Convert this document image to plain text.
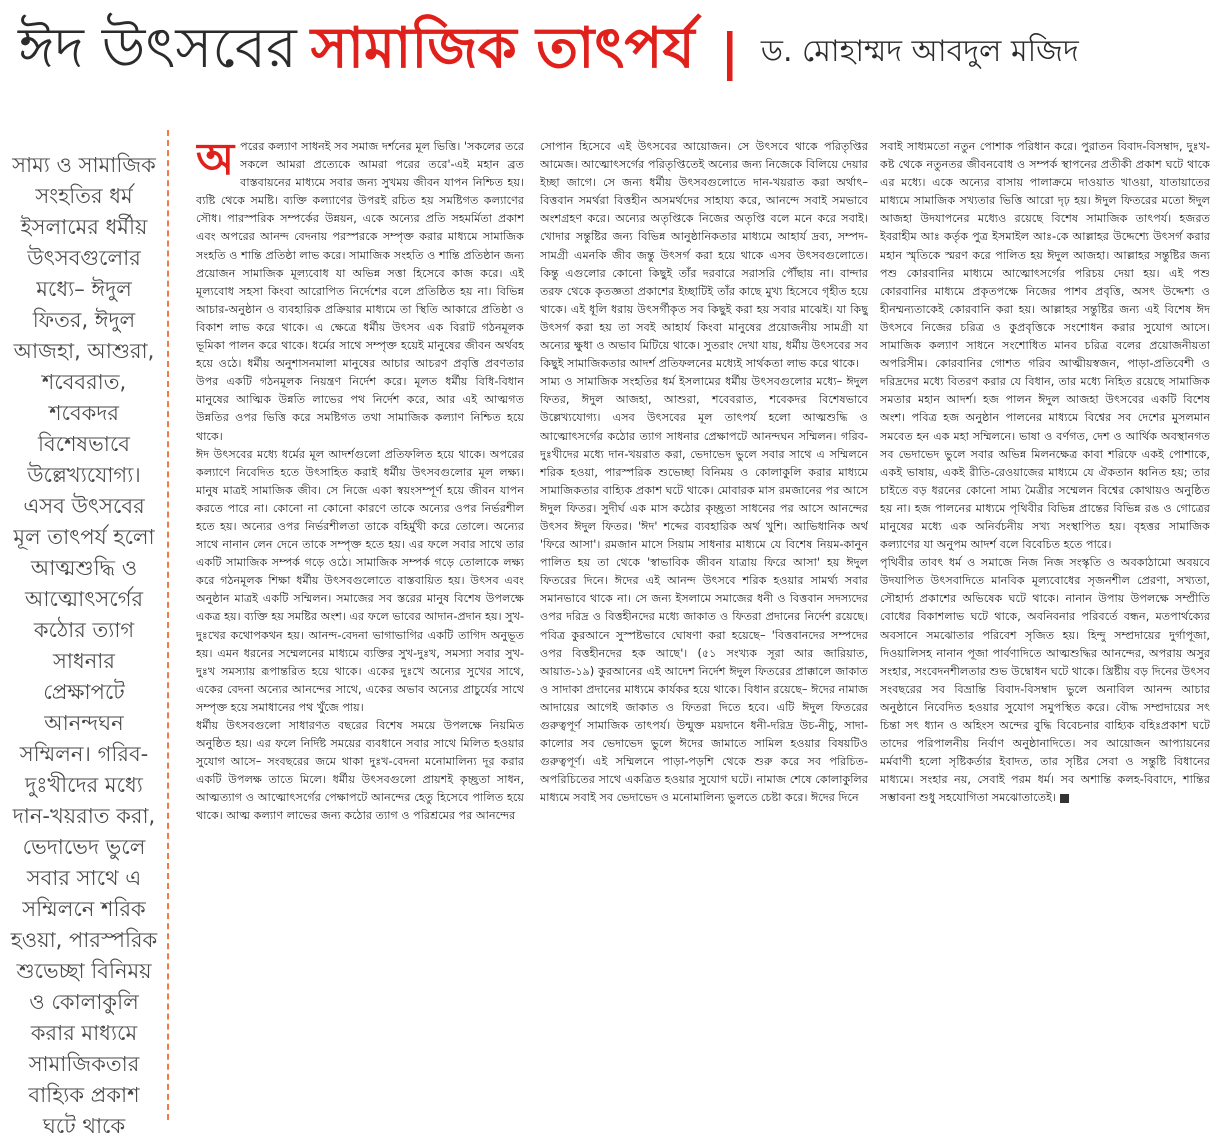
ঈদ উৎসবের সামাজিক তাৎপর্য | ড. মোহাম্মদ আবদুল মজিদ
সাম্য ও সামাজিক সংহতির ধর্ম ইসলামের ধর্মীয় উৎসবগুলোর মধ্যে– ঈদুল ফিতর, ঈদুল আজহা, আশুরা, শবেবরাত, শবেকদর বিশেষভাবে উল্লেখ্যযোগ্য। এসব উৎসবের মূল তাৎপর্য হলো আত্মশুদ্ধি ও আত্মোৎসর্গের কঠোর ত্যাগ সাধনার প্রেক্ষাপটে আনন্দঘন সম্মিলন। গরিব-দুঃখীদের মধ্যে দান-খয়রাত করা, ভেদাভেদ ভুলে সবার সাথে এ সম্মিলনে শরিক হওয়া, পারস্পরিক শুভেচ্ছা বিনিময় ও কোলাকুলি করার মাধ্যমে সামাজিকতার বাহ্যিক প্রকাশ ঘটে থাকে
অ পরের কল্যাণ সাধনই সব সমাজ দর্শনের মূল ভিত্তি। 'সকলের তরে সকলে আমরা প্রত্যেকে আমরা পরের তরে'-এই মহান ব্রত বাস্তবায়নের মাধ্যমে সবার জন্য সুখময় জীবন যাপন নিশ্চিত হয়। ব্যষ্টি থেকে সমষ্টি। ব্যক্তি কল্যাণের উপরই রচিত হয় সমষ্টিগত কল্যাণের সৌধ। পারস্পরিক সম্পর্কের উন্নয়ন, একে অন্যের প্রতি সহমর্মিতা প্রকাশ এবং অপরের আনন্দ বেদনায় পরস্পরকে সম্পৃক্ত করার মাধ্যমে সামাজিক সংহতি ও শান্তি প্রতিষ্ঠা লাভ করে। সামাজিক সংহতি ও শান্তি প্রতিষ্ঠান জন্য প্রয়োজন সামাজিক মূল্যবোধ যা অভিন্ন সত্তা হিসেবে কাজ করে। এই মূল্যবোধ সহসা কিংবা আরোপিত নির্দেশের বলে প্রতিষ্ঠিত হয় না। বিভিন্ন আচার-অনুষ্ঠান ও ব্যবহারিক প্রক্রিয়ার মাধ্যমে তা স্থিতি আকারে প্রতিষ্ঠা ও বিকাশ লাভ করে থাকে। এ ক্ষেত্রে ধর্মীয় উৎসব এক বিরাট গঠনমূলক ভূমিকা পালন করে থাকে। ধর্মের সাথে সম্পৃক্ত হয়েই মানুষের জীবন অর্থবহ হয়ে ওঠে। ধর্মীয় অনুশাসনমালা মানুষের আচার আচরণ প্রবৃত্তি প্রবণতার উপর একটি গঠনমূলক নিয়ন্ত্রণ নির্দেশ করে। মূলত ধর্মীয় বিধি-বিধান মানুষের আত্মিক উন্নতি লাভের পথ নির্দেশ করে, আর এই আত্মগত উন্নতির ওপর ভিত্তি করে সমষ্টিগত তথা সামাজিক কল্যাণ নিশ্চিত হয়ে থাকে।

ঈদ উৎসবের মধ্যে ধর্মের মূল আদর্শগুলো প্রতিফলিত হয়ে থাকে। অপরের কল্যাণে নিবেদিত হতে উৎসাহিত করাই ধর্মীয় উৎসবগুলোর মূল লক্ষ্য। মানুষ মাত্রই সামাজিক জীব। সে নিজে একা স্বয়ংসম্পূর্ণ হয়ে জীবন যাপন করতে পারে না। কোনো না কোনো কারণে তাকে অন্যের ওপর নির্ভরশীল হতে হয়। অন্যের ওপর নির্ভরশীলতা তাকে বহির্মুখী করে তোলে। অন্যের সাথে নানান লেন দেনে তাকে সম্পৃক্ত হতে হয়। এর ফলে সবার সাথে তার একটি সামাজিক সম্পর্ক গড়ে ওঠে। সামাজিক সম্পর্ক গড়ে তোলাকে লক্ষ্য করে গঠনমূলক শিক্ষা ধর্মীয় উৎসবগুলোতে বাস্তবায়িত হয়। উৎসব এবং অনুষ্ঠান মাত্রই একটি সম্মিলন। সমাজের সব স্তরের মানুষ বিশেষ উপলক্ষে একত্র হয়। ব্যক্তি হয় সমষ্টির অংশ। এর ফলে ভাবের আদান-প্রদান হয়। সুখ-দুঃখের কথোপকথন হয়। আনন্দ-বেদনা ভাগাভাগির একটি তাগিদ অনুভূত হয়। এমন ধরনের সম্মেলনের মাধ্যমে ব্যক্তির সুখ-দুঃখ, সমস্যা সবার সুখ-দুঃখ সমস্যায় রূপান্তরিত হয়ে থাকে। একের দুঃখে অন্যের সুখের সাথে, একের বেদনা অন্যের আনন্দের সাথে, একের অভাব অন্যের প্রাচুর্যের সাথে সম্পৃক্ত হয়ে সমাধানের পথ খুঁজে পায়।

ধর্মীয় উৎসবগুলো সাধারণত বছরের বিশেষ সময়ে উপলক্ষে নিয়মিত অনুষ্ঠিত হয়। এর ফলে নির্দিষ্ট সময়ের ব্যবধানে সবার সাথে মিলিত হওয়ার সুযোগ আসে– সংবছরের জমে থাকা দুঃখ-বেদনা মনোমালিন্য দূর করার একটি উপলক্ষ তাতে মিলে। ধর্মীয় উৎসবগুলো প্রায়শই কৃচ্ছ্রতা সাধন, আত্মত্যাগ ও আত্মোৎসর্গের পেক্ষাপটে আনন্দের হেতু হিসেবে পালিত হয়ে থাকে। আত্ম কল্যাণ লাভের জন্য কঠোর ত্যাগ ও পরিশ্রমের পর আনন্দের

সোপান হিসেবে এই উৎসবের আয়োজন। সে উৎসবে থাকে পরিতৃপ্তির আমেজ। আত্মোৎসর্গের পরিতৃপ্তিতেই অন্যের জন্য নিজেকে বিলিয়ে দেয়ার ইচ্ছা জাগে। সে জন্য ধর্মীয় উৎসবগুলোতে দান-খয়রাত করা অর্থাৎ– বিত্তবান সমর্থরা বিত্তহীন অসমর্থদের সাহায্য করে, আনন্দে সবাই সমভাবে অংশগ্রহণ করে। অন্যের অতৃপ্তিকে নিজের অতৃপ্তি বলে মনে করে সবাই। খোদার সন্তুষ্টির জন্য বিভিন্ন আনুষ্ঠানিকতার মাধ্যমে আহার্য দ্রব্য, সম্পদ-সামগ্রী এমনকি জীব জন্তু উৎসর্গ করা হয়ে থাকে এসব উৎসবগুলোতে। কিন্তু এগুলোর কোনো কিছুই তাঁর দরবারে সরাসরি পৌঁছায় না। বান্দার তরফ থেকে কৃতজ্ঞতা প্রকাশের ইচ্ছাটিই তাঁর কাছে মুখ্য হিসেবে গৃহীত হয়ে থাকে। এই ধূলি ধরায় উৎসর্গীকৃত সব কিছুই করা হয় সবার মাঝেই। যা কিছু উৎসর্গ করা হয় তা সবই আহার্য কিংবা মানুষের প্রয়োজনীয় সামগ্রী যা অন্যের ক্ষুধা ও অভাব মিটিয়ে থাকে। সুতরাং দেখা যায়, ধর্মীয় উৎসবের সব কিছুই সামাজিকতার আদর্শ প্রতিফলনের মধ্যেই সার্থকতা লাভ করে থাকে।

সাম্য ও সামাজিক সংহতির ধর্ম ইসলামের ধর্মীয় উৎসবগুলোর মধ্যে– ঈদুল ফিতর, ঈদুল আজহা, আশুরা, শবেবরাত, শবেকদর বিশেষভাবে উল্লেখ্যযোগ্য। এসব উৎসবের মূল তাৎপর্য হলো আত্মশুদ্ধি ও আত্মোৎসর্গের কঠোর ত্যাগ সাধনার প্রেক্ষাপটে আনন্দঘন সম্মিলন। গরিব-দুঃখীদের মধ্যে দান-খয়রাত করা, ভেদাভেদ ভুলে সবার সাথে এ সম্মিলনে শরিক হওয়া, পারস্পরিক শুভেচ্ছা বিনিময় ও কোলাকুলি করার মাধ্যমে সামাজিকতার বাহ্যিক প্রকাশ ঘটে থাকে। মোবারক মাস রমজানের পর আসে ঈদুল ফিতর। সুদীর্ঘ এক মাস কঠোর কৃচ্ছ্রতা সাধনের পর আসে আনন্দের উৎসব ঈদুল ফিতর। 'ঈদ' শব্দের ব্যবহারিক অর্থ খুশি। আভিধানিক অর্থ 'ফিরে আসা'। রমজান মাসে সিয়াম সাধনার মাধ্যমে যে বিশেষ নিয়ম-কানুন পালিত হয় তা থেকে 'স্বাভাবিক জীবন যাত্রায় ফিরে আসা' হয় ঈদুল ফিতরের দিনে। ঈদের এই আনন্দ উৎসবে শরিক হওয়ার সামর্থ্য সবার সমানভাবে থাকে না। সে জন্য ইসলামে সমাজের ধনী ও বিত্তবান সদস্যদের ওপর দরিদ্র ও বিত্তহীনদের মধ্যে জাকাত ও ফিতরা প্রদানের নির্দেশ রয়েছে। পবিত্র কুরআনে সুস্পষ্টভাবে ঘোষণা করা হয়েছে– 'বিত্তবানদের সম্পদের ওপর বিত্তহীনদের হক আছে'। (৫১ সংখ্যক সূরা আর জারিয়াত, আয়াত-১৯) কুরআনের এই আদেশ নির্দেশ ঈদুল ফিতরের প্রাক্কালে জাকাত ও সাদাকা প্রদানের মাধ্যমে কার্যকর হয়ে থাকে। বিধান রয়েছে– ঈদের নামাজ আদায়ের আগেই জাকাত ও ফিতরা দিতে হবে। এটি ঈদুল ফিতরের গুরুত্বপূর্ণ সামাজিক তাৎপর্য। উন্মুক্ত ময়দানে ধনী-দরিদ্র উচ-নীচু, সাদা- কালোর সব ভেদাভেদ ভুলে ঈদের জামাতে সামিল হওয়ার বিষয়টিও গুরুত্বপূর্ণ। এই সম্মিলনে পাড়া-পড়শি থেকে শুরু করে সব পরিচিত-অপরিচিতের সাথে একত্রিত হওয়ার সুযোগ ঘটে। নামাজ শেষে কোলাকুলির মাধ্যমে সবাই সব ভেদাভেদ ও মনোমালিন্য ভুলতে চেষ্টা করে। ঈদের দিনে

সবাই সাধ্যমতো নতুন পোশাক পরিধান করে। পুরাতন বিবাদ-বিসম্বাদ, দুঃখ-কষ্ট থেকে নতুনতর জীবনবোধ ও সম্পর্ক স্থাপনের প্রতীকী প্রকাশ ঘটে থাকে এর মধ্যে। একে অন্যের বাসায় পালাক্রমে দাওয়াত খাওয়া, যাতায়াতের মাধ্যমে সামাজিক সখ্যতার ভিত্তি আরো দৃঢ় হয়। ঈদুল ফিতরের মতো ঈদুল আজহা উদযাপনের মধ্যেও রয়েছে বিশেষ সামাজিক তাৎপর্য। হজরত ইবরাহীম আঃ কর্তৃক পুত্র ইসমাইল আঃ-কে আল্লাহর উদ্দেশ্যে উৎসর্গ করার মহান স্মৃতিকে স্মরণ করে পালিত হয় ঈদুল আজহা। আল্লাহর সন্তুষ্টির জন্য পশু কোরবানির মাধ্যমে আত্মোৎসর্গের পরিচয় দেয়া হয়। এই পশু কোরবানির মাধ্যমে প্রকৃতপক্ষে নিজের পাশব প্রবৃত্তি, অসৎ উদ্দেশ্য ও হীনম্মন্যতাকেই কোরবানি করা হয়। আল্লাহর সন্তুষ্টির জন্য এই বিশেষ ঈদ উৎসবে নিজের চরিত্র ও কুপ্রবৃত্তিকে সংশোধন করার সুযোগ আসে। সামাজিক কল্যাণ সাধনে সংশোধিত মানব চরিত্র বলের প্রয়োজনীয়তা অপরিসীম। কোরবানির গোশত গরিব আত্মীয়স্বজন, পাড়া-প্রতিবেশী ও দরিদ্রদের মধ্যে বিতরণ করার যে বিধান, তার মধ্যে নিহিত রয়েছে সামাজিক সমতার মহান আদর্শ। হজ পালন ঈদুল আজহা উৎসবের একটি বিশেষ অংশ। পবিত্র হজ অনুষ্ঠান পালনের মাধ্যমে বিশ্বের সব দেশের মুসলমান সমবেত হন এক মহা সম্মিলনে। ভাষা ও বর্ণগত, দেশ ও আর্থিক অবস্থানগত সব ভেদাভেদ ভুলে সবার অভিন্ন মিলনক্ষেত্র কাবা শরিফে একই পোশাকে, একই ভাষায়, একই রীতি-রেওয়াজের মাধ্যমে যে ঐকতান ধ্বনিত হয়; তার চাইতে বড় ধরনের কোনো সাম্য মৈত্রীর সম্মেলন বিশ্বের কোথায়ও অনুষ্ঠিত হয় না। হজ পালনের মাধ্যমে পৃথিবীর বিভিন্ন প্রান্তের বিভিন্ন রঙ ও গোত্রের মানুষের মধ্যে এক অনির্বচনীয় সখ্য সংস্থাপিত হয়। বৃহত্তর সামাজিক কল্যাণের যা অনুপম আদর্শ বলে বিবেচিত হতে পারে।

পৃথিবীর তাবৎ ধর্ম ও সমাজে নিজ নিজ সংস্কৃতি ও অবকাঠামো অবয়বে উদযাপিত উৎসবাদিতে মানবিক মূল্যবোধের সৃজনশীল প্রেরণা, সখ্যতা, সৌহার্দ্য প্রকাশের অভিষেক ঘটে থাকে। নানান উপায় উপলক্ষে সম্প্রীতি বোধের বিকাশলাভ ঘটে থাকে, অবনিবনার পরিবর্তে বন্ধন, মতপার্থক্যের অবসানে সমঝোতার পরিবেশ সৃজিত হয়। হিন্দু সম্প্রদায়ের দুর্গাপূজা, দিওয়ালিসহ নানান পূজা পার্বণাদিতে আত্মশুদ্ধির আনন্দের, অপরায় অসুর সংহার, সংবেদনশীলতার শুভ উদ্বোধন ঘটে থাকে। খ্রিষ্টীয় বড় দিনের উৎসব সংবছরের সব বিভ্রান্তি বিবাদ-বিসম্বাদ ভুলে অনাবিল আনন্দ আচার অনুষ্ঠানে নিবেদিত হওয়ার সুযোগ সমুপস্থিত করে। বৌদ্ধ সম্প্রদায়ের সৎ চিন্তা সৎ ধ্যান ও অহিংস অন্দের বুদ্ধি বিবেচনার বাহ্যিক বহিঃপ্রকাশ ঘটে তাদের পরিপালনীয় নির্বাণ অনুষ্ঠানাদিতে। সব আয়োজন আপ্যায়নের মর্মবাণী হলো সৃষ্টিকর্তার ইবাদত, তার সৃষ্টির সেবা ও সন্তুষ্টি বিধানের মাধ্যমে। সংহার নয়, সেবাই পরম ধর্ম। সব অশান্তি কলহ-বিবাদে, শান্তির সম্ভাবনা শুধু সহযোগিতা সমঝোতাতেই।
